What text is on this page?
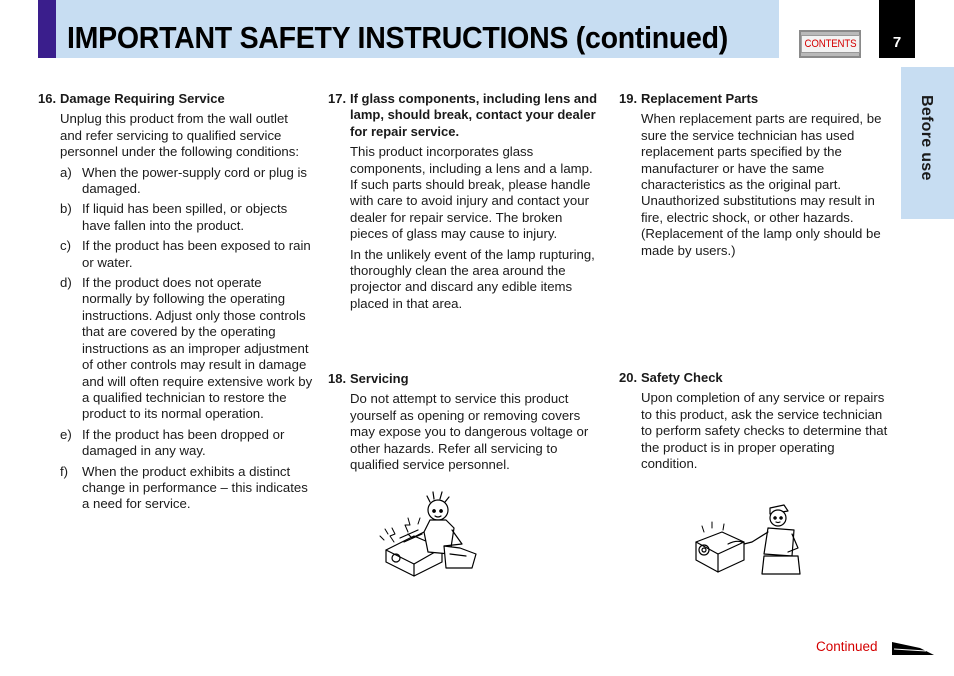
IMPORTANT SAFETY INSTRUCTIONS (continued)	CONTENTS 7
Before use
16. Damage Requiring Service

Unplug this product from the wall outlet and refer servicing to qualified service personnel under the following conditions:

a) When the power-supply cord or plug is damaged.
b) If liquid has been spilled, or objects have fallen into the product.
c) If the product has been exposed to rain or water.
d) If the product does not operate normally by following the operating instructions. Adjust only those controls that are covered by the operating instructions as an improper adjustment of other controls may result in damage and will often require extensive work by a qualified technician to restore the product to its normal operation.
e) If the product has been dropped or damaged in any way.
f)	When the product exhibits a distinct change in performance – this indicates a need for service.
17. If glass components, including lens and lamp, should break, contact your dealer for repair service.

This product incorporates glass components, including a lens and a lamp. If such parts should break, please handle with care to avoid injury and contact your dealer for repair service. The broken pieces of glass may cause to injury.

In the unlikely event of the lamp rupturing, thoroughly clean the area around the projector and discard any edible items placed in that area.

18. Servicing

Do not attempt to service this product yourself as opening or removing covers may expose you to dangerous voltage or other hazards. Refer all servicing to qualified service personnel.

19. Replacement Parts

When replacement parts are required, be sure the service technician has used replacement parts specified by the manufacturer or have the same characteristics as the original part. Unauthorized substitutions may result in fire, electric shock, or other hazards. (Replacement of the lamp only should be made by users.)

20. Safety Check

Upon completion of any service or repairs to this product, ask the service technician to perform safety checks to determine that the product is in proper operating condition.

Continued
